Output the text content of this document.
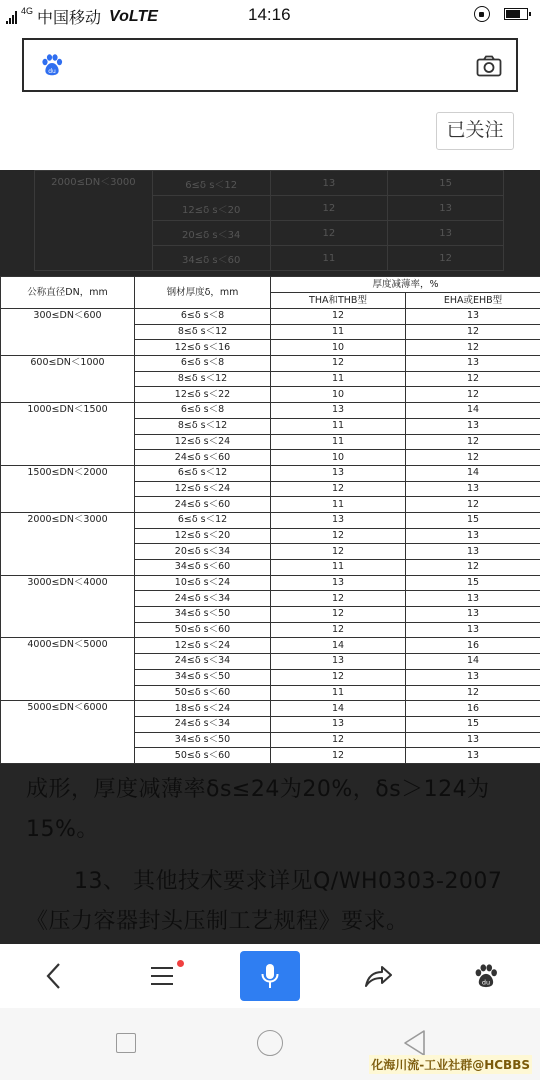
4G 中国移动 VoLTE	14:16
du
已关注
2000≤DN＜3000	6≤δ s＜12	13	15
	12≤δ s＜20	12	13
	20≤δ s＜34	12	13
	34≤δ s＜60	11	12
公称直径DN，mm	钢材厚度δ，mm	厚度减薄率，%	
		THA和THB型	EHA或EHB型
300≤DN＜600	6≤δ s＜8	12	13
	8≤δ s＜12	11	12
	12≤δ s＜16	10	12
600≤DN＜1000	6≤δ s＜8	12	13
	8≤δ s＜12	11	12
	12≤δ s＜22	10	12
1000≤DN＜1500	6≤δ s＜8	13	14
	8≤δ s＜12	11	13
	12≤δ s＜24	11	12
	24≤δ s＜60	10	12
1500≤DN＜2000	6≤δ s＜12	13	14
	12≤δ s＜24	12	13
	24≤δ s＜60	11	12
2000≤DN＜3000	6≤δ s＜12	13	15
	12≤δ s＜20	12	13
	20≤δ s＜34	12	13
	34≤δ s＜60	11	12
3000≤DN＜4000	10≤δ s＜24	13	15
	24≤δ s＜34	12	13
	34≤δ s＜50	12	13
	50≤δ s＜60	12	13
4000≤DN＜5000	12≤δ s＜24	14	16
	24≤δ s＜34	13	14
	34≤δ s＜50	12	13
	50≤δ s＜60	11	12
5000≤DN＜6000	18≤δ s＜24	14	16
	24≤δ s＜34	13	15
	34≤δ s＜50	12	13
	50≤δ s＜60	12	13

成形，厚度减薄率δs≤24为20%，δs＞124为15%。

13、 其他技术要求详见Q/WH0303-2007《压力容器封头压制工艺规程》要求。

du
化海川流-工业社群@HCBBS
